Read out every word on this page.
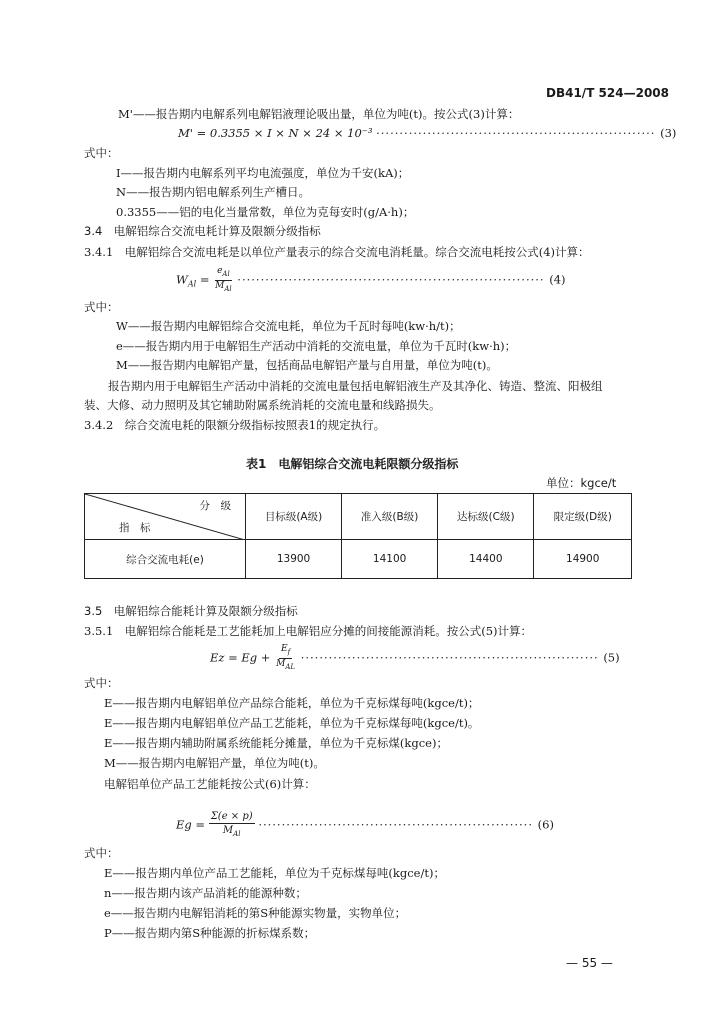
DB41/T 524—2008
M'——报告期内电解系列电解铝液理论吸出量，单位为吨(t)。按公式(3)计算：
M' = 0.3355 × I × N × 24 × 10⁻³ ···························································· (3)
式中：
I——报告期内电解系列平均电流强度，单位为千安(kA)；
N——报告期内铝电解系列生产槽日。
0.3355——铝的电化当量常数，单位为克每安时(g/A·h)；
3.4　电解铝综合交流电耗计算及限额分级指标
3.4.1　电解铝综合交流电耗是以单位产量表示的综合交流电消耗量。综合交流电耗按公式(4)计算：
$W_{Al} = \frac{e_{Al}}{M_{Al}}$ ·································································· (4)
式中：
W——报告期内电解铝综合交流电耗，单位为千瓦时每吨(kw·h/t)；
e——报告期内用于电解铝生产活动中消耗的交流电量，单位为千瓦时(kw·h)；
M——报告期内电解铝产量，包括商品电解铝产量与自用量，单位为吨(t)。
报告期内用于电解铝生产活动中消耗的交流电量包括电解铝液生产及其净化、铸造、整流、阳极组
装、大修、动力照明及其它辅助附属系统消耗的交流电量和线路损失。
3.4.2　综合交流电耗的限额分级指标按照表1的规定执行。
表1　电解铝综合交流电耗限额分级指标
单位：kgce/t
分　级
指　标	目标级(A级)	准入级(B级)	达标级(C级)	限定级(D级)
综合交流电耗(e)	13900	14100	14400	14900
3.5　电解铝综合能耗计算及限额分级指标
3.5.1　电解铝综合能耗是工艺能耗加上电解铝应分摊的间接能源消耗。按公式(5)计算：
$Ez = Eg + \frac{E_f}{M_{AL}}$ ································································ (5)
式中：
E——报告期内电解铝单位产品综合能耗，单位为千克标煤每吨(kgce/t)；
E——报告期内电解铝单位产品工艺能耗，单位为千克标煤每吨(kgce/t)。
E——报告期内辅助附属系统能耗分摊量，单位为千克标煤(kgce)；
M——报告期内电解铝产量，单位为吨(t)。
电解铝单位产品工艺能耗按公式(6)计算：
$Eg = \frac{\Sigma(e \times p)}{M_{Al}}$ ··························································· (6)
式中：
E——报告期内单位产品工艺能耗，单位为千克标煤每吨(kgce/t)；
n——报告期内该产品消耗的能源种数；
e——报告期内电解铝消耗的第S种能源实物量，实物单位；
P——报告期内第S种能源的折标煤系数；
— 55 —
